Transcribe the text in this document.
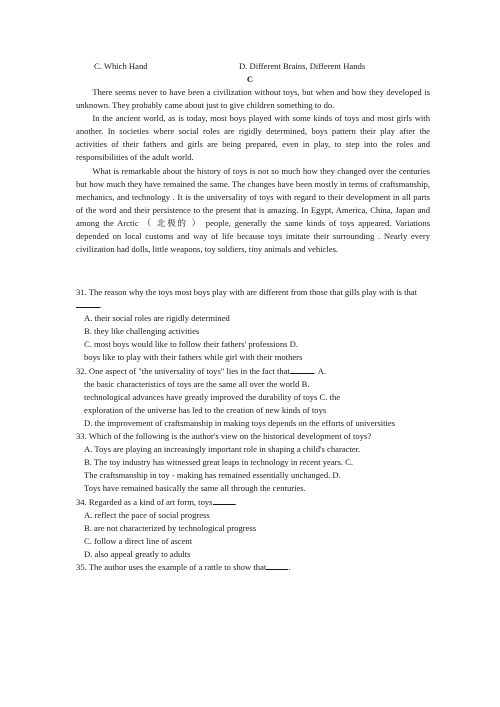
C. Which Hand	D. Different Brains, Different Hands
C

There seems never to have been a civilization without toys, but when and how they developed is unknown. They probably came about just to give children something to do.

In the ancient world, as is today, most boys played with some kinds of toys and most girls with another. In societies where social roles are rigidly determined, boys pattern their play after the activities of their fathers and girls are being prepared, even in play, to step into the roles and responsibilities of the adult world.

What is remarkable about the history of toys is not so much how they changed over the centuries but how much they have remained the same. The changes have been mostly in terms of craftsmanship, mechanics, and technology . It is the universality of toys with regard to their development in all parts of the word and their persistence to the present that is amazing. In Egypt, America, China, Japan and among the Arctic （ 北极的 ） people, generally the same kinds of toys appeared. Variations depended on local customs and way of life because toys imitate their surrounding . Nearly every civilization had dolls, little weapons, toy soldiers, tiny animals and vehicles.

31. The reason why the toys most boys play with are different from those that gills play with is that.
A. their social roles are rigidly determined
B. they like challenging activities
C. most boys would like to follow their fathers' professions D.
boys like to play with their fathers while girl with their mothers
32. One aspect of "the universality of toys" lies in the fact that	. A.
the basic characteristics of toys are the same all over the world B.
technological advances have greatly improved the durability of toys C. the
exploration of the universe has led to the creation of new kinds of toys
D. the improvement of craftsmanship in making toys depends on the efforts of universities
33. Which of the following is the author's view on the historical development of toys?
A. Toys are playing an increasingly important role in shaping a child's character.
B. The toy industry has witnessed great leaps in technology in recent years. C.
The craftsmanship in toy - making has remained essentially unchanged. D.
Toys have remained basically the same all through the centuries.
34. Regarded as a kind of art form, toys	.
A. reflect the pace of social progress
B. are not characterized by technological progress
C. follow a direct line of ascent
D. also appeal greatly to adults
35. The author uses the example of a rattle to show that	.
